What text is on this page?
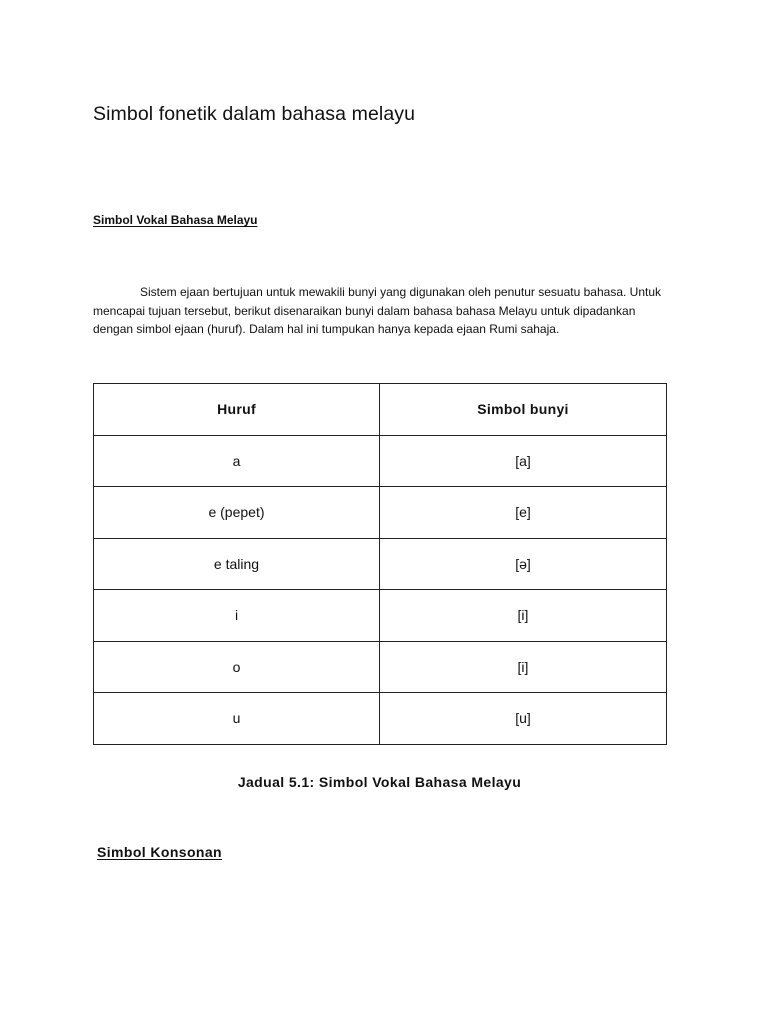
Simbol fonetik dalam bahasa melayu
Simbol Vokal Bahasa Melayu

Sistem ejaan bertujuan untuk mewakili bunyi yang digunakan oleh penutur sesuatu bahasa. Untuk mencapai tujuan tersebut, berikut disenaraikan bunyi dalam bahasa bahasa Melayu untuk dipadankan dengan simbol ejaan (huruf). Dalam hal ini tumpukan hanya kepada ejaan Rumi sahaja.

Huruf	Simbol bunyi
a	[a]
e (pepet)	[e]
e taling	[ə]
i	[i]
o	[i]
u	[u]

Jadual 5.1: Simbol Vokal Bahasa Melayu

Simbol Konsonan
